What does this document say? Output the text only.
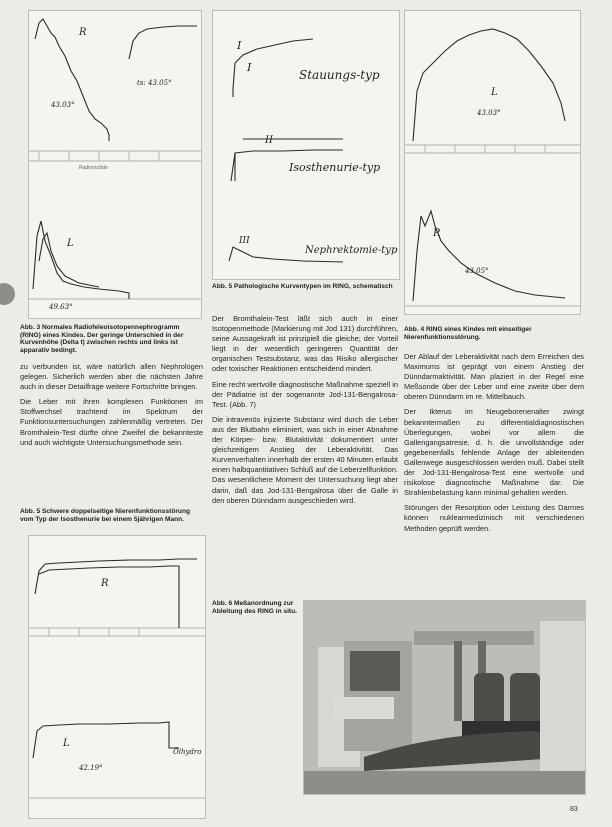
R
L
43.03°
ts: 43.05°
49.63°
Radionuclide
Abb. 3 Normales Radiofeleoisotopennephrogramm (RING) eines Kindes. Der geringe Unterschied in der Kurvenhöhe (Delta t) zwischen rechts und links ist apparativ bedingt.

zu verbunden ist, wäre natürlich allen Nephrologen gelegen. Sicherlich werden aber die nächsten Jahre auch in dieser Detailfrage weitere Fortschritte bringen.

Die Leber mit ihren komplexen Funktionen im Stoffwechsel trachtend im Spektrum der Funktionsuntersuchungen zahlenmäßig vertreten. Der Bromthalein-Test dürfte ohne Zweifel die bekannteste und auch wichtigste Untersuchungsmethode sein.

Abb. 5 Schwere doppelseitige Nierenfunktionsstörung vom Typ der Isosthenurie bei einem 5jährigen Mann.
R
L
42.19°
Ölhydro
I
I
Stauungs-typ
II
Isosthenurie-typ
III
Nephrektomie-typ
Abb. 5 Pathologische Kurventypen im RING, schematisch

Der Bromthalein-Test läßt sich auch in einer Isotopenmethode (Markierung mit Jod 131) durchführen, seine Aussagekraft ist prinzipiell die gleiche; der Vorteil liegt in der wesentlich geringeren Quantität der organischen Testsubstanz, was das Risiko allergischer oder toxischer Reaktionen entscheidend mindert.

Eine recht wertvolle diagnostische Maßnahme speziell in der Pädiatrie ist der sogenannte Jod-131-Bengalrosa-Test. (Abb. 7)

Die intravenös injizierte Substanz wird durch die Leber aus der Blutbahn eliminiert, was sich in einer Abnahme der Körper- bzw. Blutaktivität dokumentiert unter gleichzeitigem Anstieg der Leberaktivität. Das Kurvenverhalten innerhalb der ersten 40 Minuten erlaubt einen halbquantitativen Schluß auf die Leberzellfunktion. Das wesentlichere Moment der Untersuchung liegt aber darin, daß das Jod-131-Bengalrosa über die Galle in den oberen Dünndarm ausgeschieden wird.

Abb. 6 Meßanordnung zur Ableitung des RING in situ.
L
R
43.03°
43.05°
Abb. 4 RING eines Kindes mit einseitiger Nierenfunktionsstörung.

Der Ablauf der Leberaktivität nach dem Erreichen des Maximums ist geprägt von einem Anstieg der Dünndarmaktivität. Man plaziert in der Regel eine Meßsonde über der Leber und eine zweite über dem oberen Dünndarm im re. Mittelbauch.

Der Ikterus im Neugeborenenalter zwingt bekanntermaßen zu differentialdiagnostischen Überlegungen, wobei vor allem die Gallengangsatresie, d. h. die unvollständige oder gegebenenfalls fehlende Anlage der ableitenden Gallenwege ausgeschlossen werden muß. Dabei stellt der Jod-131-Bengalrosa-Test eine wertvolle und risikolose diagnostische Maßnahme dar. Die Strahlenbelastung kann minimal gehalten werden.

Störungen der Resorption oder Leistung des Darmes können nuklearmedizinisch mit verschiedenen Methoden geprüft werden.

83
